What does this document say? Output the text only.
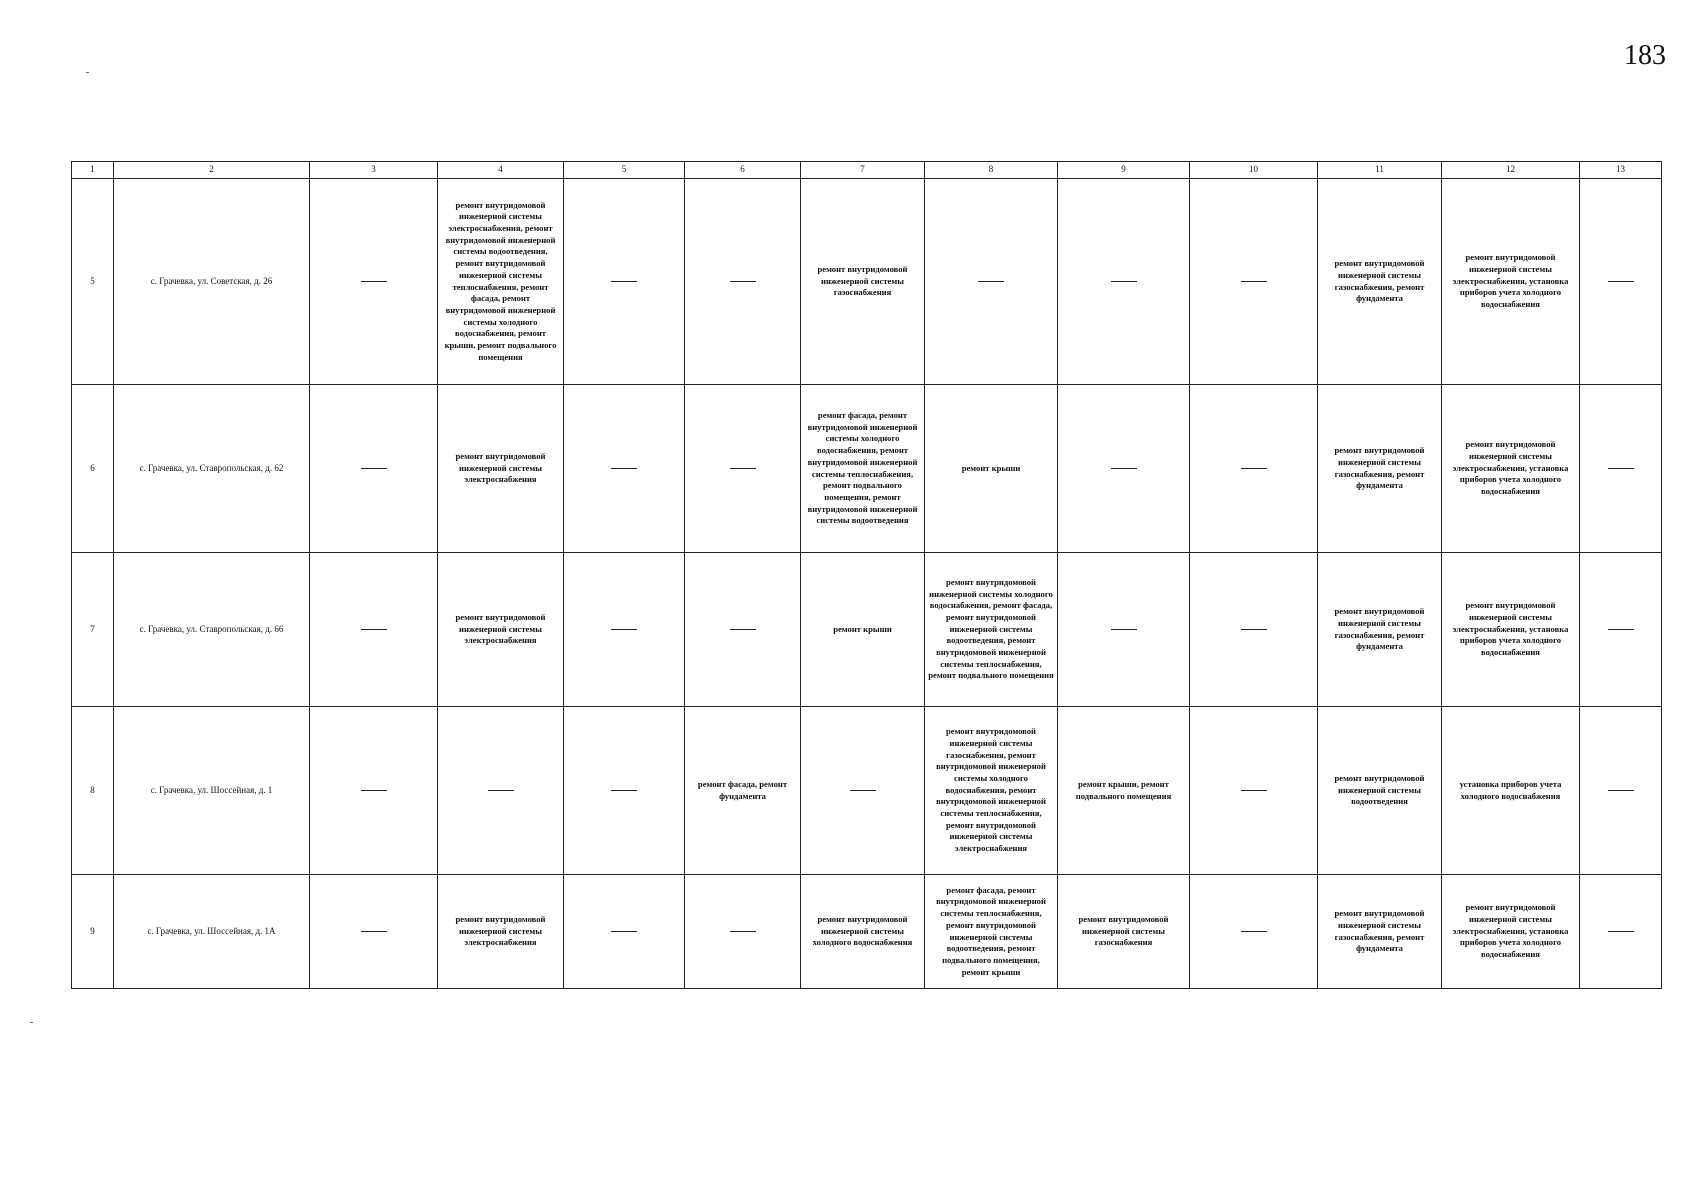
183
1	2	3	4	5	6	7	8	9	10	11	12	13
5	с. Грачевка, ул. Советская, д. 26		ремонт внутридомовой инженерной системы электроснабжения, ремонт внутридомовой инженерной системы водоотведения, ремонт внутридомовой инженерной системы теплоснабжения, ремонт фасада, ремонт внутридомовой инженерной системы холодного водоснабжения, ремонт крыши, ремонт подвального помещения			ремонт внутридомовой инженерной системы газоснабжения				ремонт внутридомовой инженерной системы газоснабжения, ремонт фундамента	ремонт внутридомовой инженерной системы электроснабжения, установка приборов учета холодного водоснабжения	
6	с. Грачевка, ул. Ставропольская, д. 62		ремонт внутридомовой инженерной системы электроснабжения			ремонт фасада, ремонт внутридомовой инженерной системы холодного водоснабжения, ремонт внутридомовой инженерной системы теплоснабжения, ремонт подвального помещения, ремонт внутридомовой инженерной системы водоотведения	ремонт крыши			ремонт внутридомовой инженерной системы газоснабжения, ремонт фундамента	ремонт внутридомовой инженерной системы электроснабжения, установка приборов учета холодного водоснабжения	
7	с. Грачевка, ул. Ставропольская, д. 66		ремонт внутридомовой инженерной системы электроснабжения			ремонт крыши	ремонт внутридомовой инженерной системы холодного водоснабжения, ремонт фасада, ремонт внутридомовой инженерной системы водоотведения, ремонт внутридомовой инженерной системы теплоснабжения, ремонт подвального помещения			ремонт внутридомовой инженерной системы газоснабжения, ремонт фундамента	ремонт внутридомовой инженерной системы электроснабжения, установка приборов учета холодного водоснабжения	
8	с. Грачевка, ул. Шоссейная, д. 1				ремонт фасада, ремонт фундамента		ремонт внутридомовой инженерной системы газоснабжения, ремонт внутридомовой инженерной системы холодного водоснабжения, ремонт внутридомовой инженерной системы теплоснабжения, ремонт внутридомовой инженерной системы электроснабжения	ремонт крыши, ремонт подвального помещения		ремонт внутридомовой инженерной системы водоотведения	установка приборов учета холодного водоснабжения	
9	с. Грачевка, ул. Шоссейная, д. 1А		ремонт внутридомовой инженерной системы электроснабжения			ремонт внутридомовой инженерной системы холодного водоснабжения	ремонт фасада, ремонт внутридомовой инженерной системы теплоснабжения, ремонт внутридомовой инженерной системы водоотведения, ремонт подвального помещения, ремонт крыши	ремонт внутридомовой инженерной системы газоснабжения		ремонт внутридомовой инженерной системы газоснабжения, ремонт фундамента	ремонт внутридомовой инженерной системы электроснабжения, установка приборов учета холодного водоснабжения	
